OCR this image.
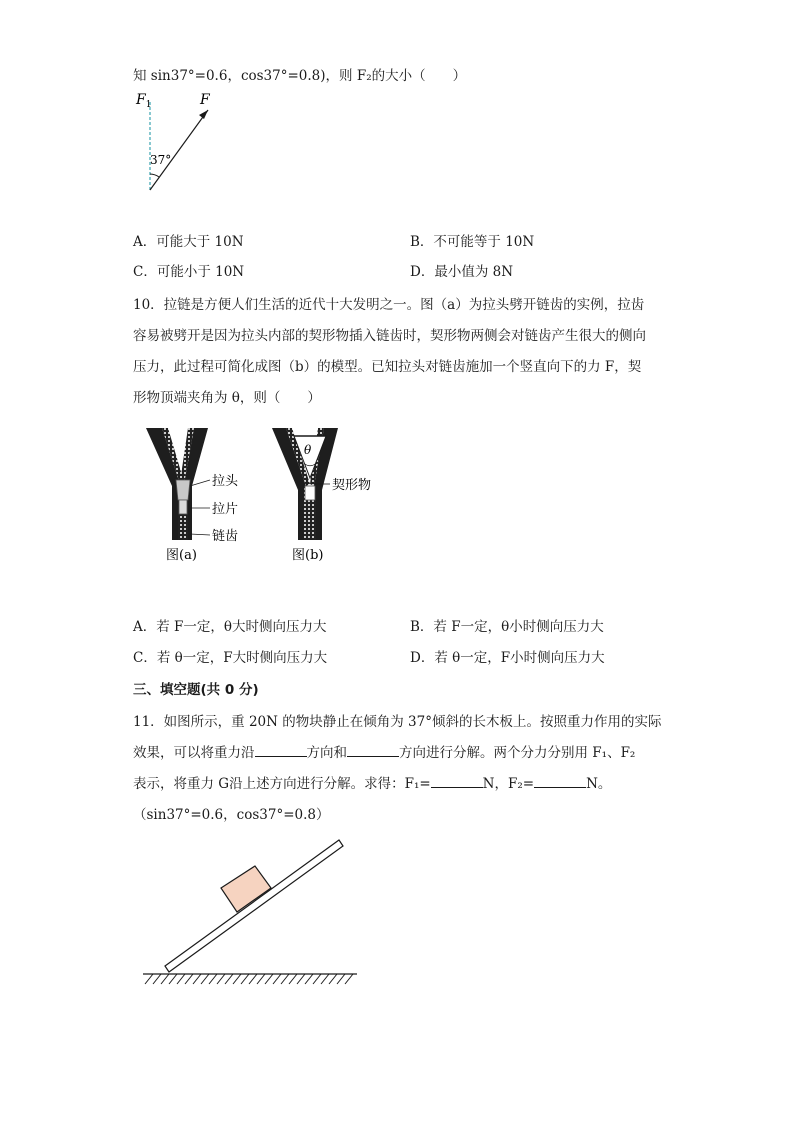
知 sin37°=0.6，cos37°=0.8)，则 F₂的大小（　　）
$F_1$	F
37°
A．可能大于 10N	B．不可能等于 10N
C．可能小于 10N	D．最小值为 8N
10．拉链是方便人们生活的近代十大发明之一。图（a）为拉头劈开链齿的实例，拉齿
容易被劈开是因为拉头内部的契形物插入链齿时，契形物两侧会对链齿产生很大的侧向
压力，此过程可简化成图（b）的模型。已知拉头对链齿施加一个竖直向下的力 F，契
形物顶端夹角为 θ，则（　　）
拉头
拉片
链齿
图(a)
θ
契形物
图(b)
A．若 F一定，θ大时侧向压力大	B．若 F一定，θ小时侧向压力大
C．若 θ一定，F大时侧向压力大	D．若 θ一定，F小时侧向压力大
三、填空题(共 0 分)
11．如图所示，重 20N 的物块静止在倾角为 37°倾斜的长木板上。按照重力作用的实际
效果，可以将重力沿	方向和	方向进行分解。两个分力分别用 F₁、F₂
表示，将重力 G沿上述方向进行分解。求得：F₁=	N，F₂=	N。
（sin37°=0.6，cos37°=0.8）
